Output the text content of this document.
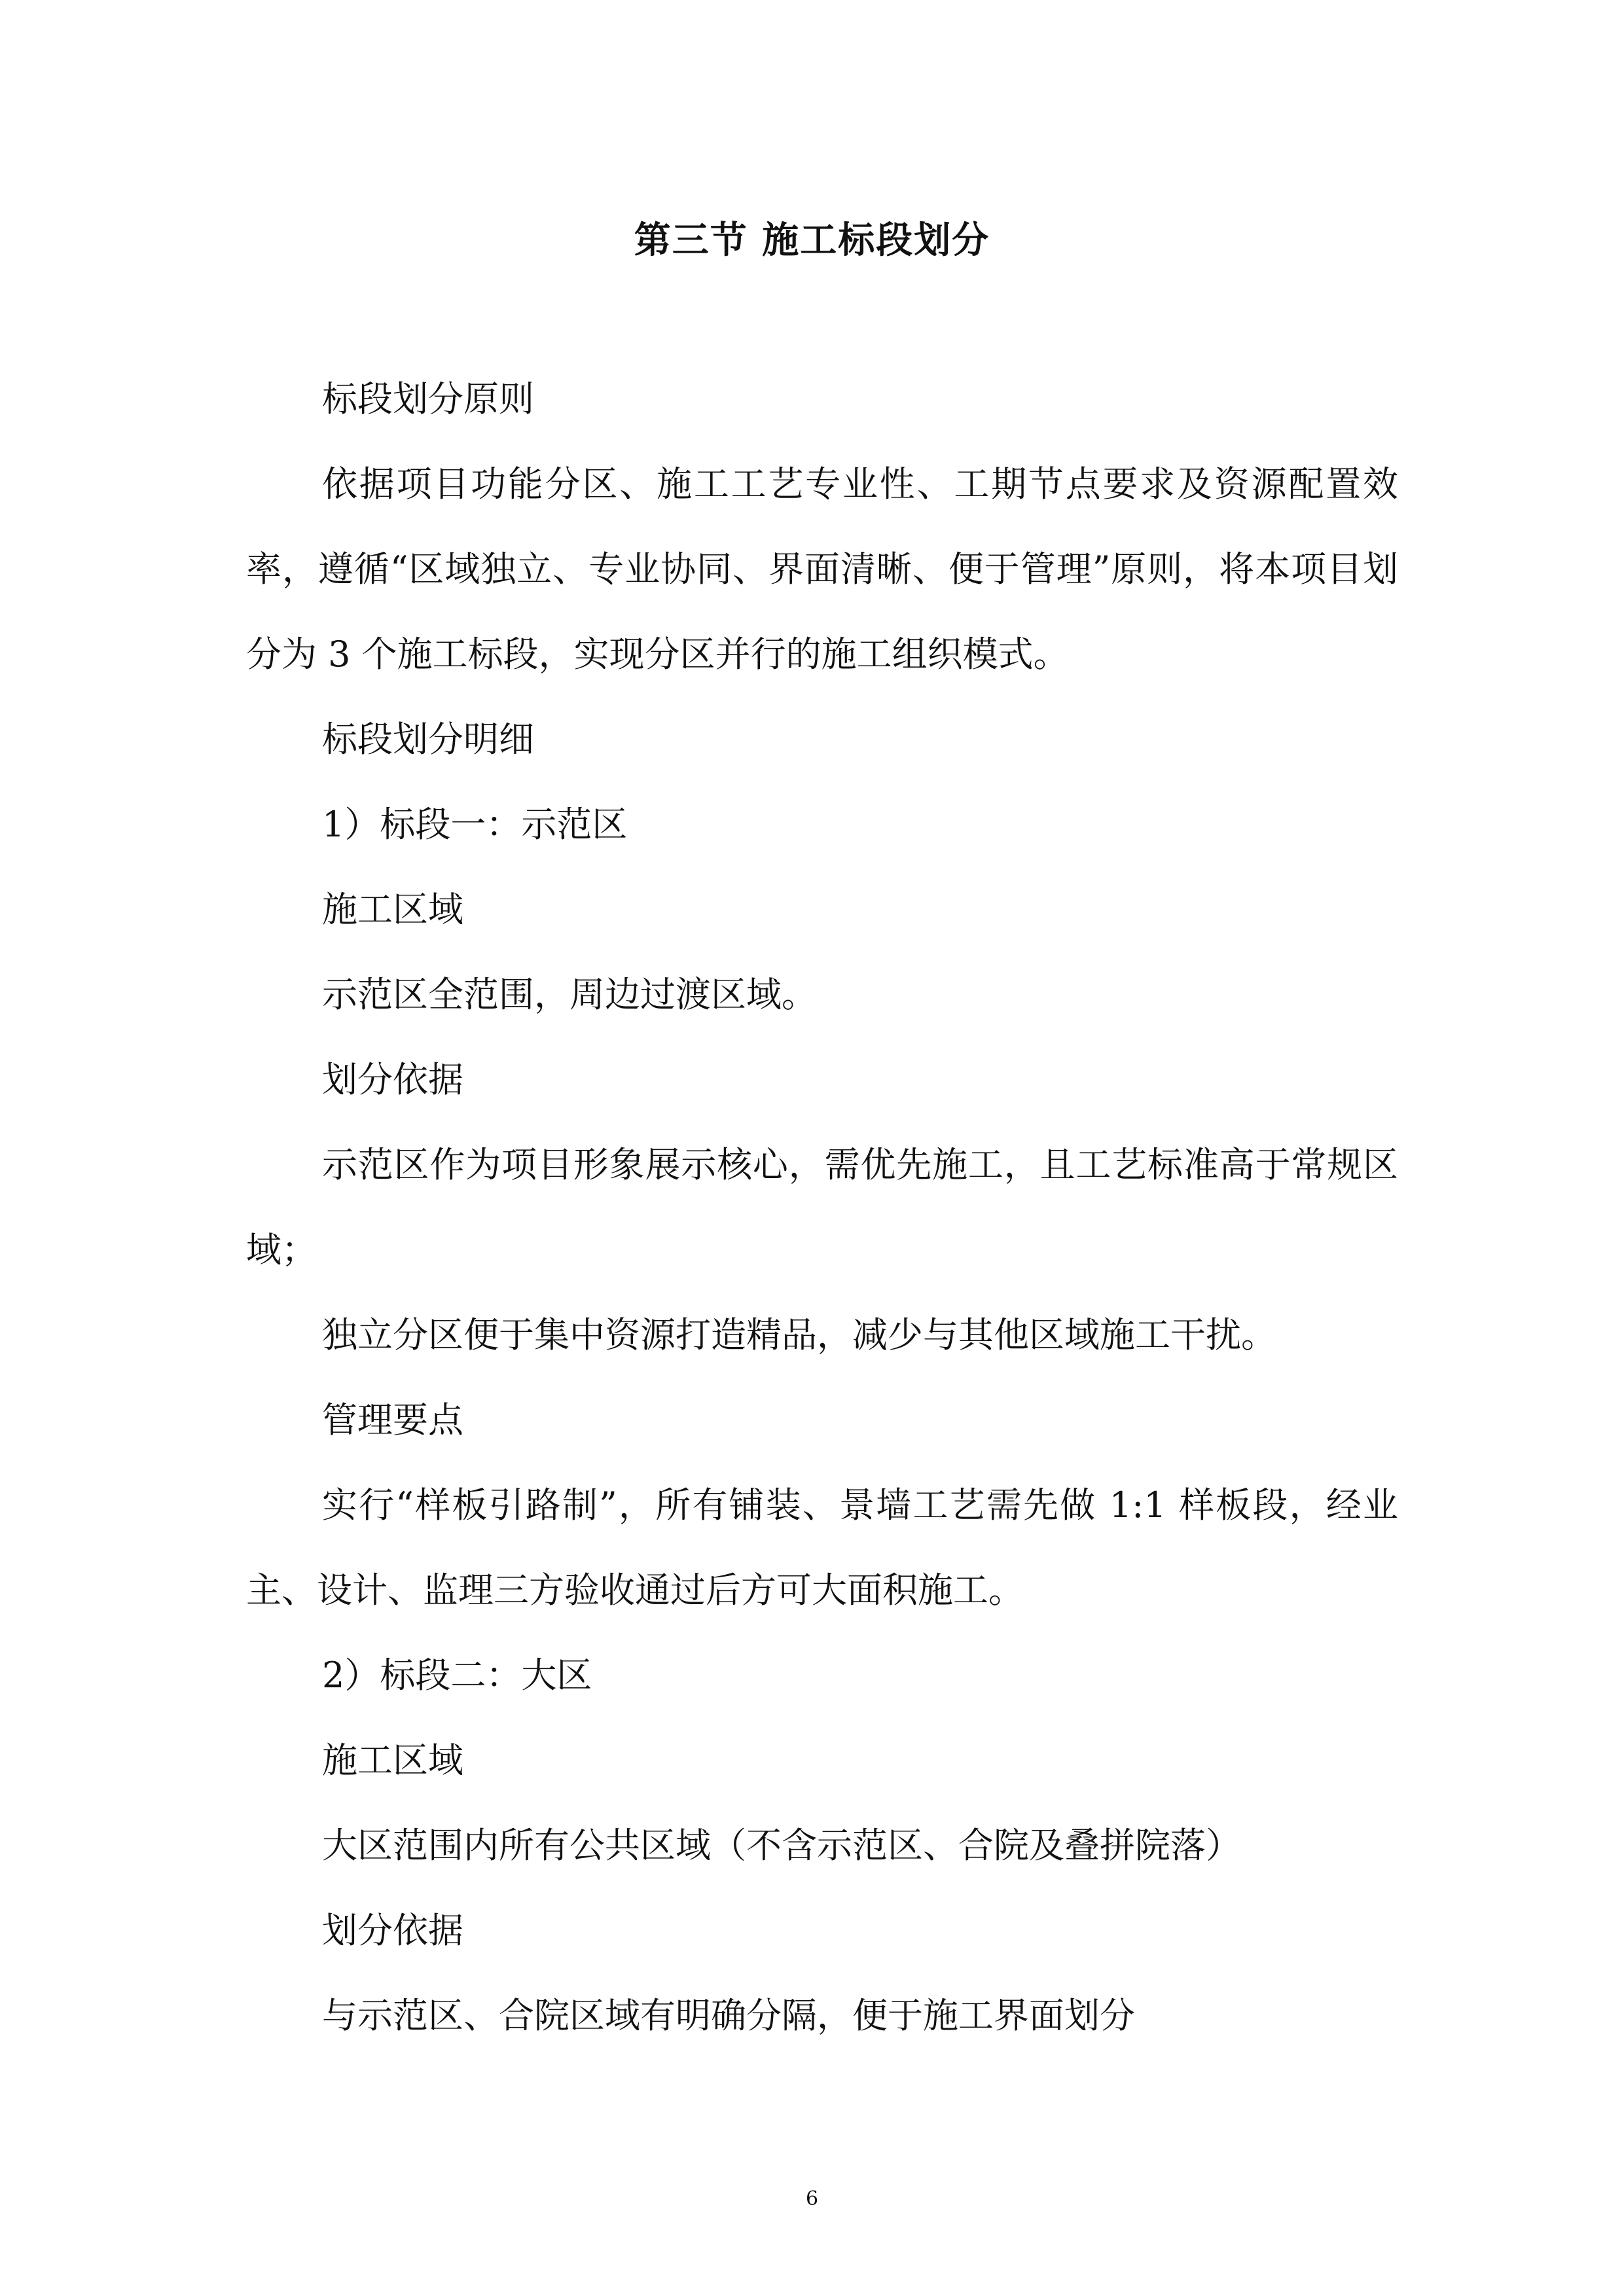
第三节 施工标段划分

标段划分原则

依据项目功能分区、施工工艺专业性、工期节点要求及资源配置效率，遵循“区域独立、专业协同、界面清晰、便于管理”原则，将本项目划分为 3 个施工标段，实现分区并行的施工组织模式。

标段划分明细

1）标段一：示范区

施工区域

示范区全范围，周边过渡区域。

划分依据

示范区作为项目形象展示核心，需优先施工，且工艺标准高于常规区域；

独立分区便于集中资源打造精品，减少与其他区域施工干扰。

管理要点

实行“样板引路制”，所有铺装、景墙工艺需先做 1:1 样板段，经业主、设计、监理三方验收通过后方可大面积施工。

2）标段二：大区

施工区域

大区范围内所有公共区域（不含示范区、合院及叠拼院落）

划分依据

与示范区、合院区域有明确分隔，便于施工界面划分

6
